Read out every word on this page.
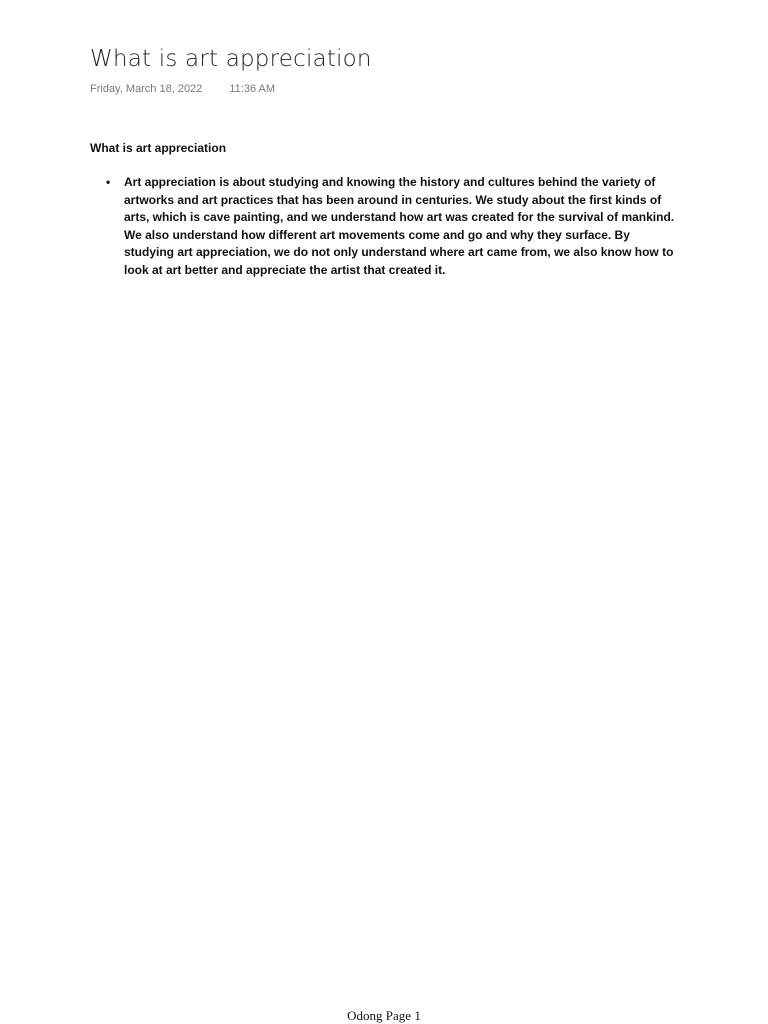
What is art appreciation
Friday, March 18, 2022 11:36 AM
What is art appreciation
• Art appreciation is about studying and knowing the history and cultures behind the variety of artworks and art practices that has been around in centuries. We study about the first kinds of arts, which is cave painting, and we understand how art was created for the survival of mankind. We also understand how different art movements come and go and why they surface. By studying art appreciation, we do not only understand where art came from, we also know how to look at art better and appreciate the artist that created it.
Odong Page 1
